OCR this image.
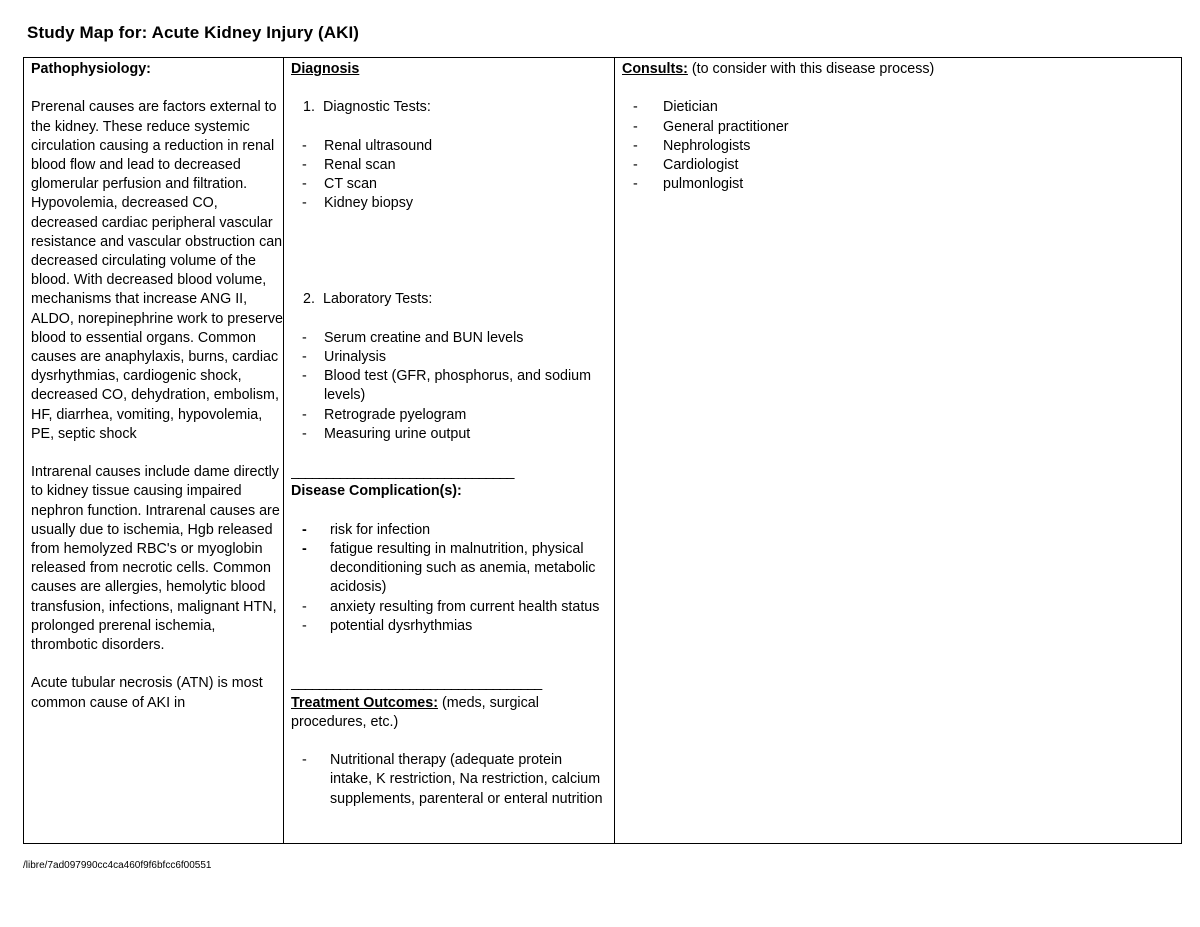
Study Map for: Acute Kidney Injury (AKI)

Pathophysiology:

Prerenal causes are factors external to the kidney. These reduce systemic circulation causing a reduction in renal blood flow and lead to decreased glomerular perfusion and filtration. Hypovolemia, decreased CO, decreased cardiac peripheral vascular resistance and vascular obstruction can decreased circulating volume of the blood. With decreased blood volume, mechanisms that increase ANG II, ALDO, norepinephrine work to preserve blood to essential organs. Common causes are anaphylaxis, burns, cardiac dysrhythmias, cardiogenic shock, decreased CO, dehydration, embolism, HF, diarrhea, vomiting, hypovolemia, PE, septic shock

Intrarenal causes include dame directly to kidney tissue causing impaired nephron function. Intrarenal causes are usually due to ischemia, Hgb released from hemolyzed RBC's or myoglobin released from necrotic cells. Common causes are allergies, hemolytic blood transfusion, infections, malignant HTN, prolonged prerenal ischemia, thrombotic disorders.

Acute tubular necrosis (ATN) is most common cause of AKI in

Diagnosis

1. Diagnostic Tests:
-	Renal ultrasound
-	Renal scan
-	CT scan
-	Kidney biopsy
2. Laboratory Tests:
-	Serum creatine and BUN levels
-	Urinalysis
-	Blood test (GFR, phosphorus, and sodium levels)
-	Retrograde pyelogram
-	Measuring urine output

________________________________

Disease Complication(s):

-	risk for infection
-	fatigue resulting in malnutrition, physical deconditioning such as anemia, metabolic acidosis)
-	anxiety resulting from current health status
-	potential dysrhythmias

____________________________________

Treatment Outcomes: (meds, surgical procedures, etc.)

-	Nutritional therapy (adequate protein intake, K restriction, Na restriction, calcium supplements, parenteral or enteral nutrition

Consults: (to consider with this disease process)

-	Dietician
-	General practitioner
-	Nephrologists
-	Cardiologist
-	pulmonlogist
/libre/7ad097990cc4ca460f9f6bfcc6f00551
